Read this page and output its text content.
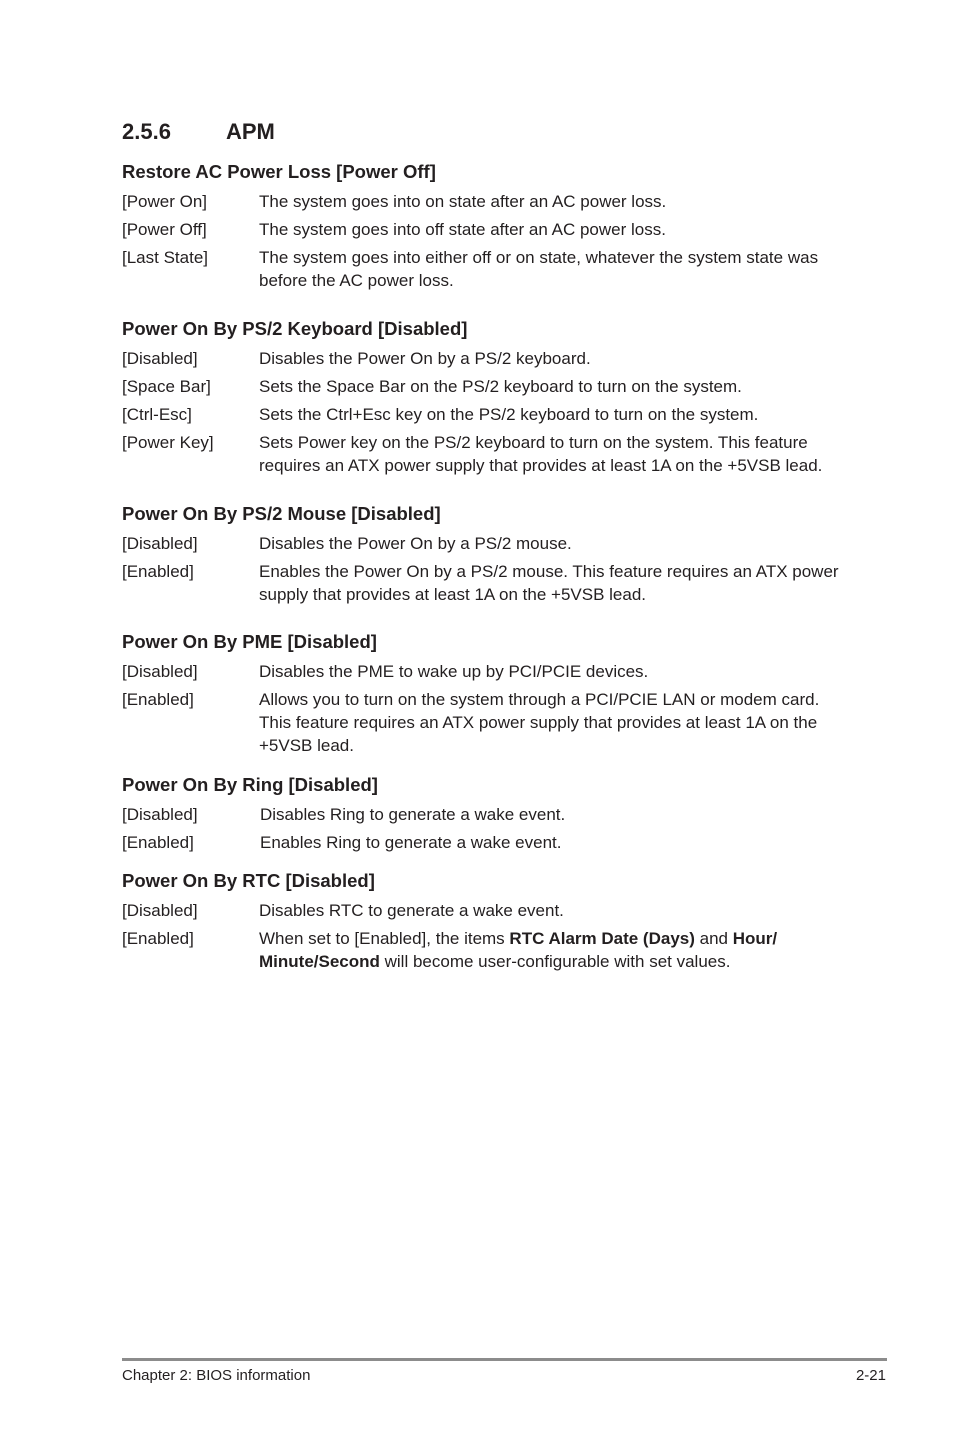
2.5.6	APM
Restore AC Power Loss [Power Off]
[Power On]	The system goes into on state after an AC power loss.
[Power Off]	The system goes into off state after an AC power loss.
[Last State]	The system goes into either off or on state, whatever the system state was before the AC power loss.
Power On By PS/2 Keyboard [Disabled]
[Disabled]	Disables the Power On by a PS/2 keyboard.
[Space Bar]	Sets the Space Bar on the PS/2 keyboard to turn on the system.
[Ctrl-Esc]	Sets the Ctrl+Esc key on the PS/2 keyboard to turn on the system.
[Power Key]	Sets Power key on the PS/2 keyboard to turn on the system. This feature requires an ATX power supply that provides at least 1A on the +5VSB lead.
Power On By PS/2 Mouse [Disabled]
[Disabled]	Disables the Power On by a PS/2 mouse.
[Enabled]	Enables the Power On by a PS/2 mouse. This feature requires an ATX power supply that provides at least 1A on the +5VSB lead.
Power On By PME [Disabled]
[Disabled]	Disables the PME to wake up by PCI/PCIE devices.
[Enabled]	Allows you to turn on the system through a PCI/PCIE LAN or modem card. This feature requires an ATX power supply that provides at least 1A on the +5VSB lead.
Power On By Ring [Disabled]
[Disabled]	Disables Ring to generate a wake event.
[Enabled]	Enables Ring to generate a wake event.
Power On By RTC [Disabled]
[Disabled]	Disables RTC to generate a wake event.
[Enabled]	When set to [Enabled], the items RTC Alarm Date (Days) and Hour/ Minute/Second will become user-configurable with set values.
Chapter 2: BIOS information	2-21
